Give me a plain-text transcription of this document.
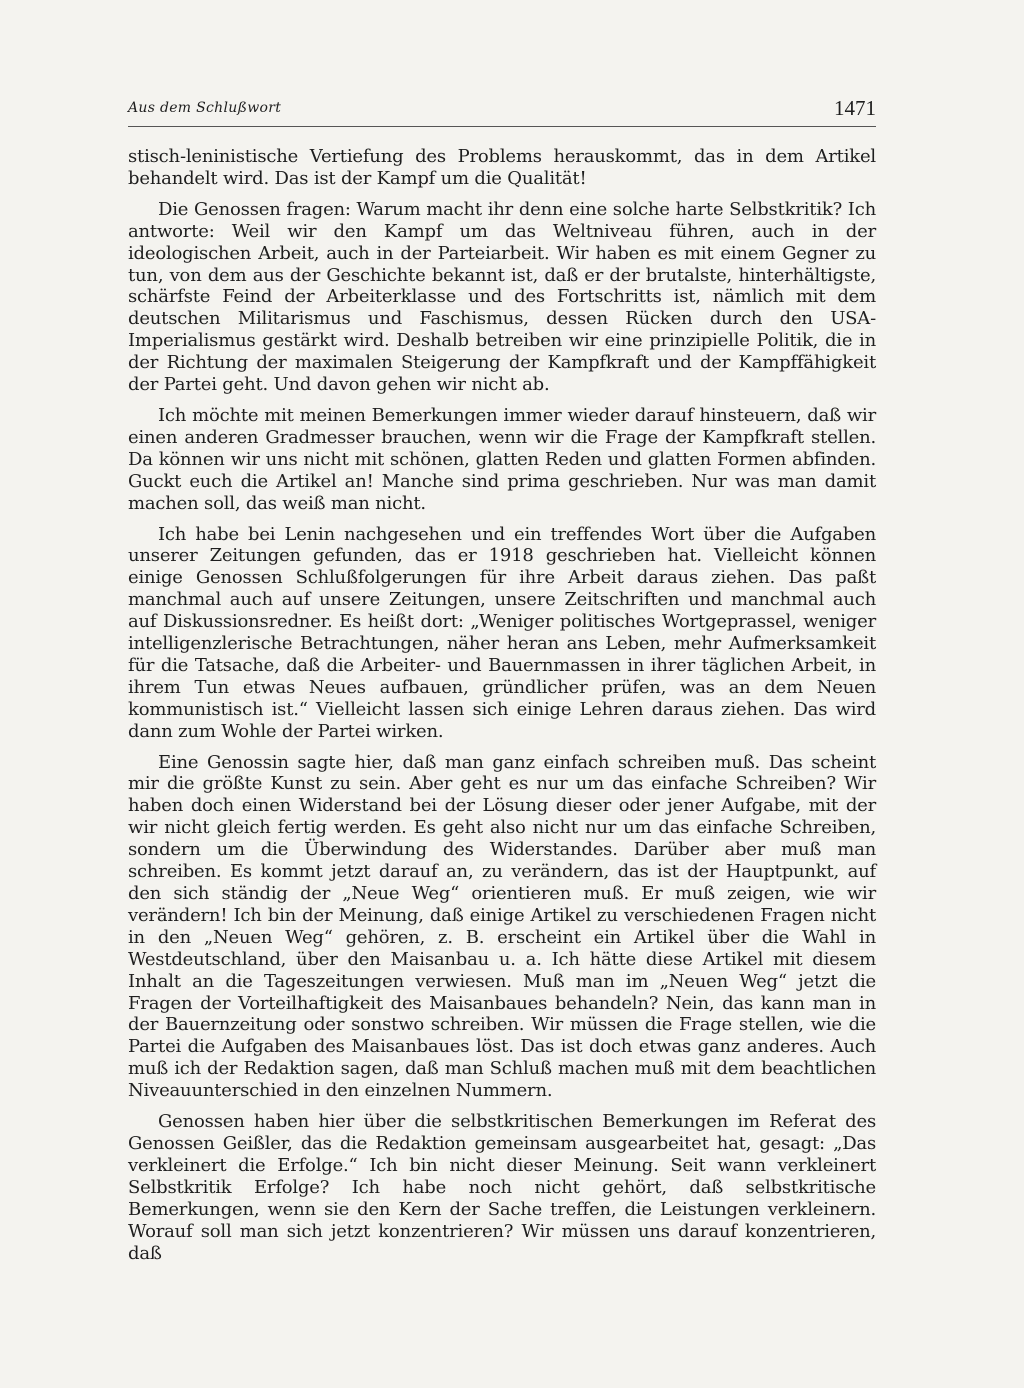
Aus dem Schlußwort	1471

stisch-leninistische Vertiefung des Problems herauskommt, das in dem Artikel behandelt wird. Das ist der Kampf um die Qualität!

Die Genossen fragen: Warum macht ihr denn eine solche harte Selbstkritik? Ich antworte: Weil wir den Kampf um das Weltniveau führen, auch in der ideologischen Arbeit, auch in der Parteiarbeit. Wir haben es mit einem Gegner zu tun, von dem aus der Geschichte bekannt ist, daß er der brutalste, hinterhältigste, schärfste Feind der Arbeiterklasse und des Fortschritts ist, nämlich mit dem deutschen Militarismus und Faschismus, dessen Rücken durch den USA-Imperialismus gestärkt wird. Deshalb betreiben wir eine prinzipielle Politik, die in der Richtung der maximalen Steigerung der Kampfkraft und der Kampffähigkeit der Partei geht. Und davon gehen wir nicht ab.

Ich möchte mit meinen Bemerkungen immer wieder darauf hinsteuern, daß wir einen anderen Gradmesser brauchen, wenn wir die Frage der Kampfkraft stellen. Da können wir uns nicht mit schönen, glatten Reden und glatten Formen abfinden. Guckt euch die Artikel an! Manche sind prima geschrieben. Nur was man damit machen soll, das weiß man nicht.

Ich habe bei Lenin nachgesehen und ein treffendes Wort über die Aufgaben unserer Zeitungen gefunden, das er 1918 geschrieben hat. Vielleicht können einige Genossen Schlußfolgerungen für ihre Arbeit daraus ziehen. Das paßt manchmal auch auf unsere Zeitungen, unsere Zeitschriften und manchmal auch auf Diskussionsredner. Es heißt dort: „Weniger politisches Wortgeprassel, weniger intelligenzlerische Betrachtungen, näher heran ans Leben, mehr Aufmerksamkeit für die Tatsache, daß die Arbeiter- und Bauernmassen in ihrer täglichen Arbeit, in ihrem Tun etwas Neues aufbauen, gründlicher prüfen, was an dem Neuen kommunistisch ist.“ Vielleicht lassen sich einige Lehren daraus ziehen. Das wird dann zum Wohle der Partei wirken.

Eine Genossin sagte hier, daß man ganz einfach schreiben muß. Das scheint mir die größte Kunst zu sein. Aber geht es nur um das einfache Schreiben? Wir haben doch einen Widerstand bei der Lösung dieser oder jener Aufgabe, mit der wir nicht gleich fertig werden. Es geht also nicht nur um das einfache Schreiben, sondern um die Überwindung des Widerstandes. Darüber aber muß man schreiben. Es kommt jetzt darauf an, zu verändern, das ist der Hauptpunkt, auf den sich ständig der „Neue Weg“ orientieren muß. Er muß zeigen, wie wir verändern! Ich bin der Meinung, daß einige Artikel zu verschiedenen Fragen nicht in den „Neuen Weg“ gehören, z. B. erscheint ein Artikel über die Wahl in Westdeutschland, über den Maisanbau u. a. Ich hätte diese Artikel mit diesem Inhalt an die Tageszeitungen verwiesen. Muß man im „Neuen Weg“ jetzt die Fragen der Vorteilhaftigkeit des Maisanbaues behandeln? Nein, das kann man in der Bauernzeitung oder sonstwo schreiben. Wir müssen die Frage stellen, wie die Partei die Aufgaben des Maisanbaues löst. Das ist doch etwas ganz anderes. Auch muß ich der Redaktion sagen, daß man Schluß machen muß mit dem beachtlichen Niveauunterschied in den einzelnen Nummern.

Genossen haben hier über die selbstkritischen Bemerkungen im Referat des Genossen Geißler, das die Redaktion gemeinsam ausgearbeitet hat, gesagt: „Das verkleinert die Erfolge.“ Ich bin nicht dieser Meinung. Seit wann verkleinert Selbstkritik Erfolge? Ich habe noch nicht gehört, daß selbstkritische Bemerkungen, wenn sie den Kern der Sache treffen, die Leistungen verkleinern. Worauf soll man sich jetzt konzentrieren? Wir müssen uns darauf konzentrieren, daß
